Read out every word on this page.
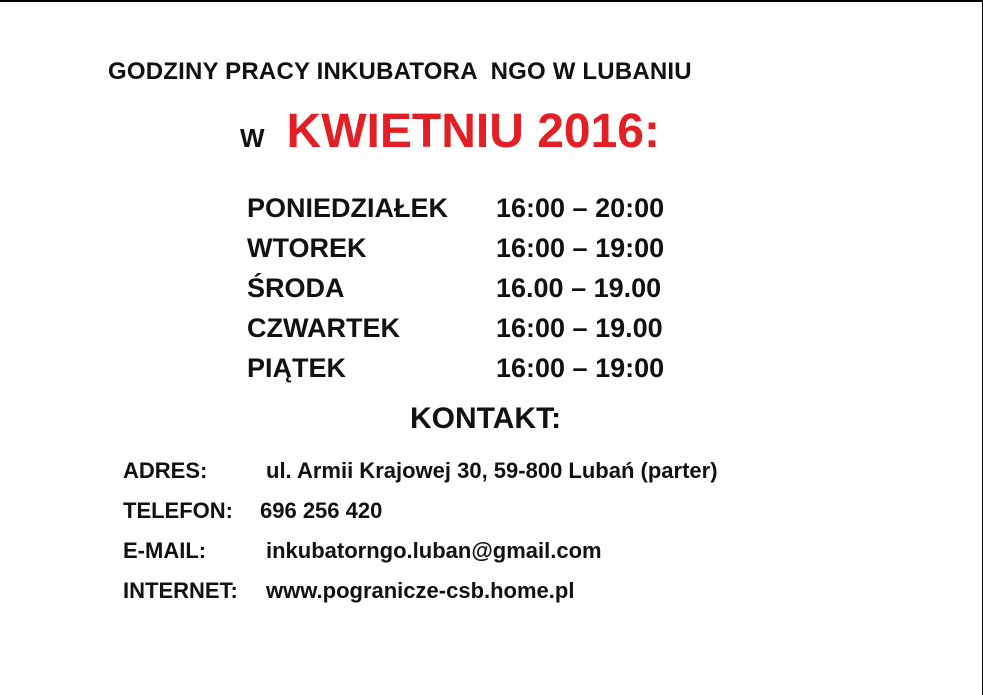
GODZINY PRACY INKUBATORA  NGO W LUBANIU
W KWIETNIU 2016:
PONIEDZIAŁEK	16:00 – 20:00
WTOREK	16:00 – 19:00
ŚRODA	16.00 – 19.00
CZWARTEK	16:00 – 19.00
PIĄTEK	16:00 – 19:00
KONTAKT:
ADRES:	ul. Armii Krajowej 30, 59-800 Lubań (parter)
TELEFON:	696 256 420
E-MAIL:	inkubatorngo.luban@gmail.com
INTERNET:	www.pogranicze-csb.home.pl
